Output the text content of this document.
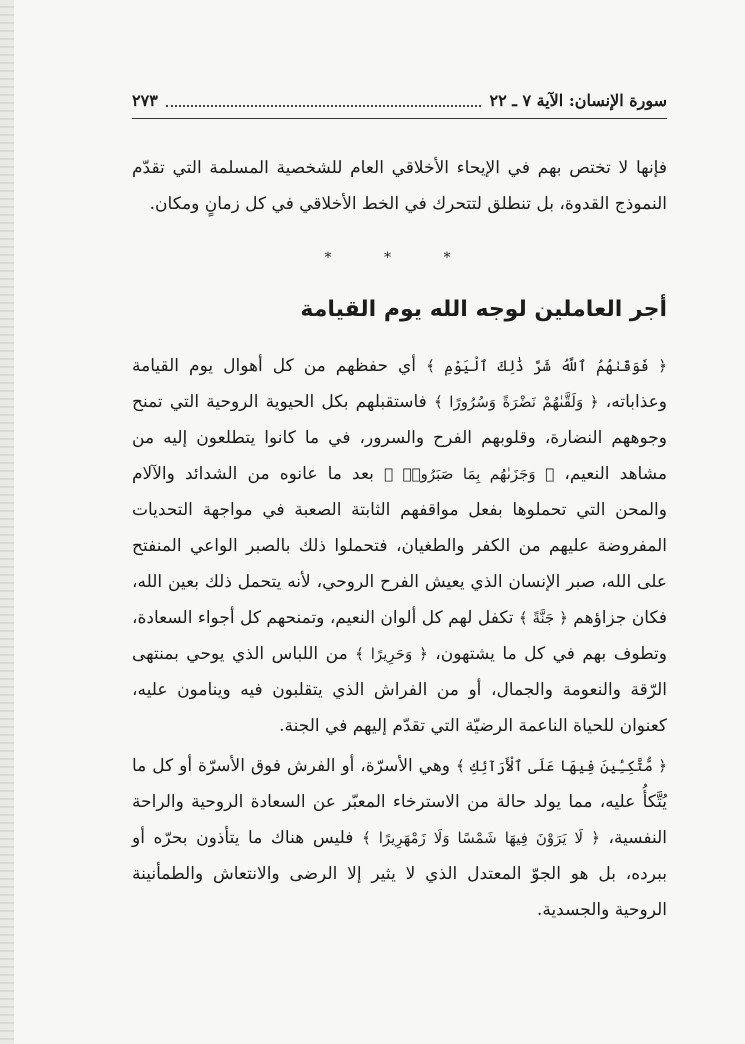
سورة الإنسان: الآية ٧ ـ ٢٢
٢٧٣

فإنها لا تختص بهم في الإيحاء الأخلاقي العام للشخصية المسلمة التي تقدّم النموذج القدوة، بل تنطلق لتتحرك في الخط الأخلاقي في كل زمانٍ ومكان.

* * *
أجر العاملين لوجه الله يوم القيامة

﴿ فَوَقَىٰهُمُ ٱللَّهُ شَرَّ ذَٰلِكَ ٱلْيَوْمِ ﴾ أي حفظهم من كل أهوال يوم القيامة وعذاباته، ﴿ وَلَقَّىٰهُمْ نَضْرَةً وَسُرُورًا ﴾ فاستقبلهم بكل الحيوية الروحية التي تمنح وجوههم النضارة، وقلوبهم الفرح والسرور، في ما كانوا يتطلعون إليه من مشاهد النعيم، ﴿ وَجَزَىٰهُم بِمَا صَبَرُوا۟ ﴾ بعد ما عانوه من الشدائد والآلام والمحن التي تحملوها بفعل مواقفهم الثابتة الصعبة في مواجهة التحديات المفروضة عليهم من الكفر والطغيان، فتحملوا ذلك بالصبر الواعي المنفتح على الله، صبر الإنسان الذي يعيش الفرح الروحي، لأنه يتحمل ذلك بعين الله، فكان جزاؤهم ﴿ جَنَّةً ﴾ تكفل لهم كل ألوان النعيم، وتمنحهم كل أجواء السعادة، وتطوف بهم في كل ما يشتهون، ﴿ وَحَرِيرًا ﴾ من اللباس الذي يوحي بمنتهى الرّقة والنعومة والجمال، أو من الفراش الذي يتقلبون فيه وينامون عليه، كعنوان للحياة الناعمة الرضيّة التي تقدّم إليهم في الجنة.

﴿ مُّتَّكِـِٔينَ فِيهَا عَلَى ٱلْأَرَآئِكِ ﴾ وهي الأسرّة، أو الفرش فوق الأسرّة أو كل ما يُتَّكأُ عليه، مما يولد حالة من الاسترخاء المعبّر عن السعادة الروحية والراحة النفسية، ﴿ لَا يَرَوْنَ فِيهَا شَمْسًا وَلَا زَمْهَرِيرًا ﴾ فليس هناك ما يتأذون بحرّه أو ببرده، بل هو الجوّ المعتدل الذي لا يثير إلا الرضى والانتعاش والطمأنينة الروحية والجسدية.
